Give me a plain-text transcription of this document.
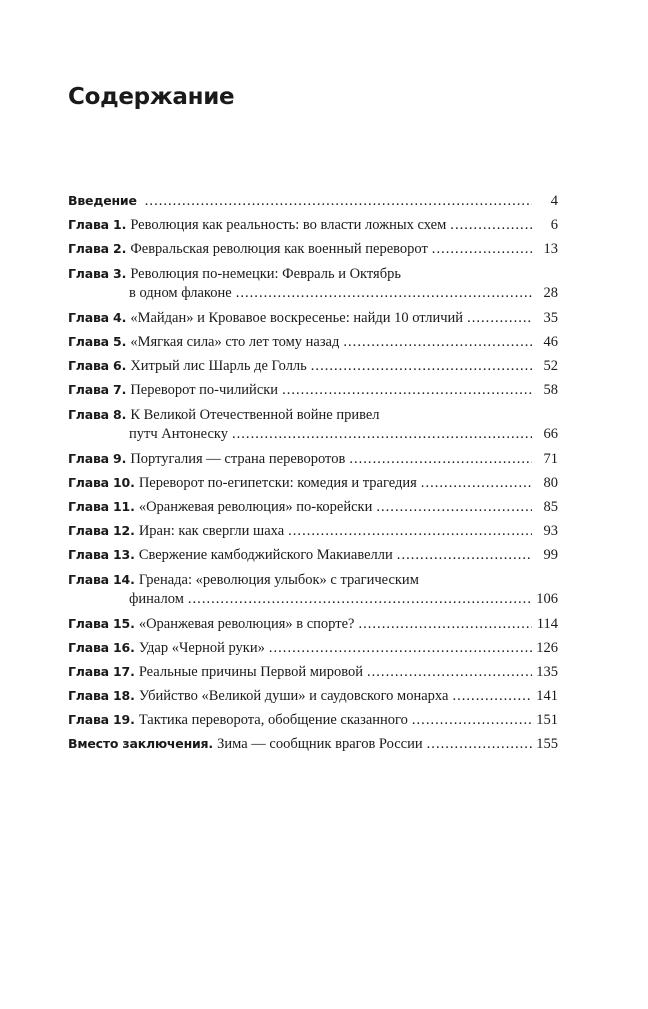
Содержание
Введение . . .	4
Глава 1 . Революция как реальность: во власти ложных схем . . .	6
Глава 2 . Февральская революция как военный переворот . . .	13
Глава 3 . Революция по-немецки: Февраль и Октябрь
в одном флаконе . . .	28
Глава 4 . «Майдан» и Кровавое воскресенье: найди 10 отличий . . .	35
Глава 5 . «Мягкая сила» сто лет тому назад . . .	46
Глава 6 . Хитрый лис Шарль де Голль . . .	52
Глава 7 . Переворот по-чилийски . . .	58
Глава 8 . К Великой Отечественной войне привел
путч Антонеску . . .	66
Глава 9 . Португалия — страна переворотов . . .	71
Глава 10 . Переворот по-египетски: комедия и трагедия . . .	80
Глава 11 . «Оранжевая революция» по-корейски . . .	85
Глава 12 . Иран: как свергли шаха . . .	93
Глава 13 . Свержение камбоджийского Макиавелли . . .	99
Глава 14 . Гренада: «революция улыбок» с трагическим
финалом . . .	106
Глава 15 . «Оранжевая революция» в спорте? . . .	114
Глава 16 . Удар «Черной руки» . . .	126
Глава 17 . Реальные причины Первой мировой . . .	135
Глава 18 . Убийство «Великой души» и саудовского монарха . . .	141
Глава 19 . Тактика переворота, обобщение сказанного . . .	151
Вместо заключения . Зима — сообщник врагов России . . .	155
